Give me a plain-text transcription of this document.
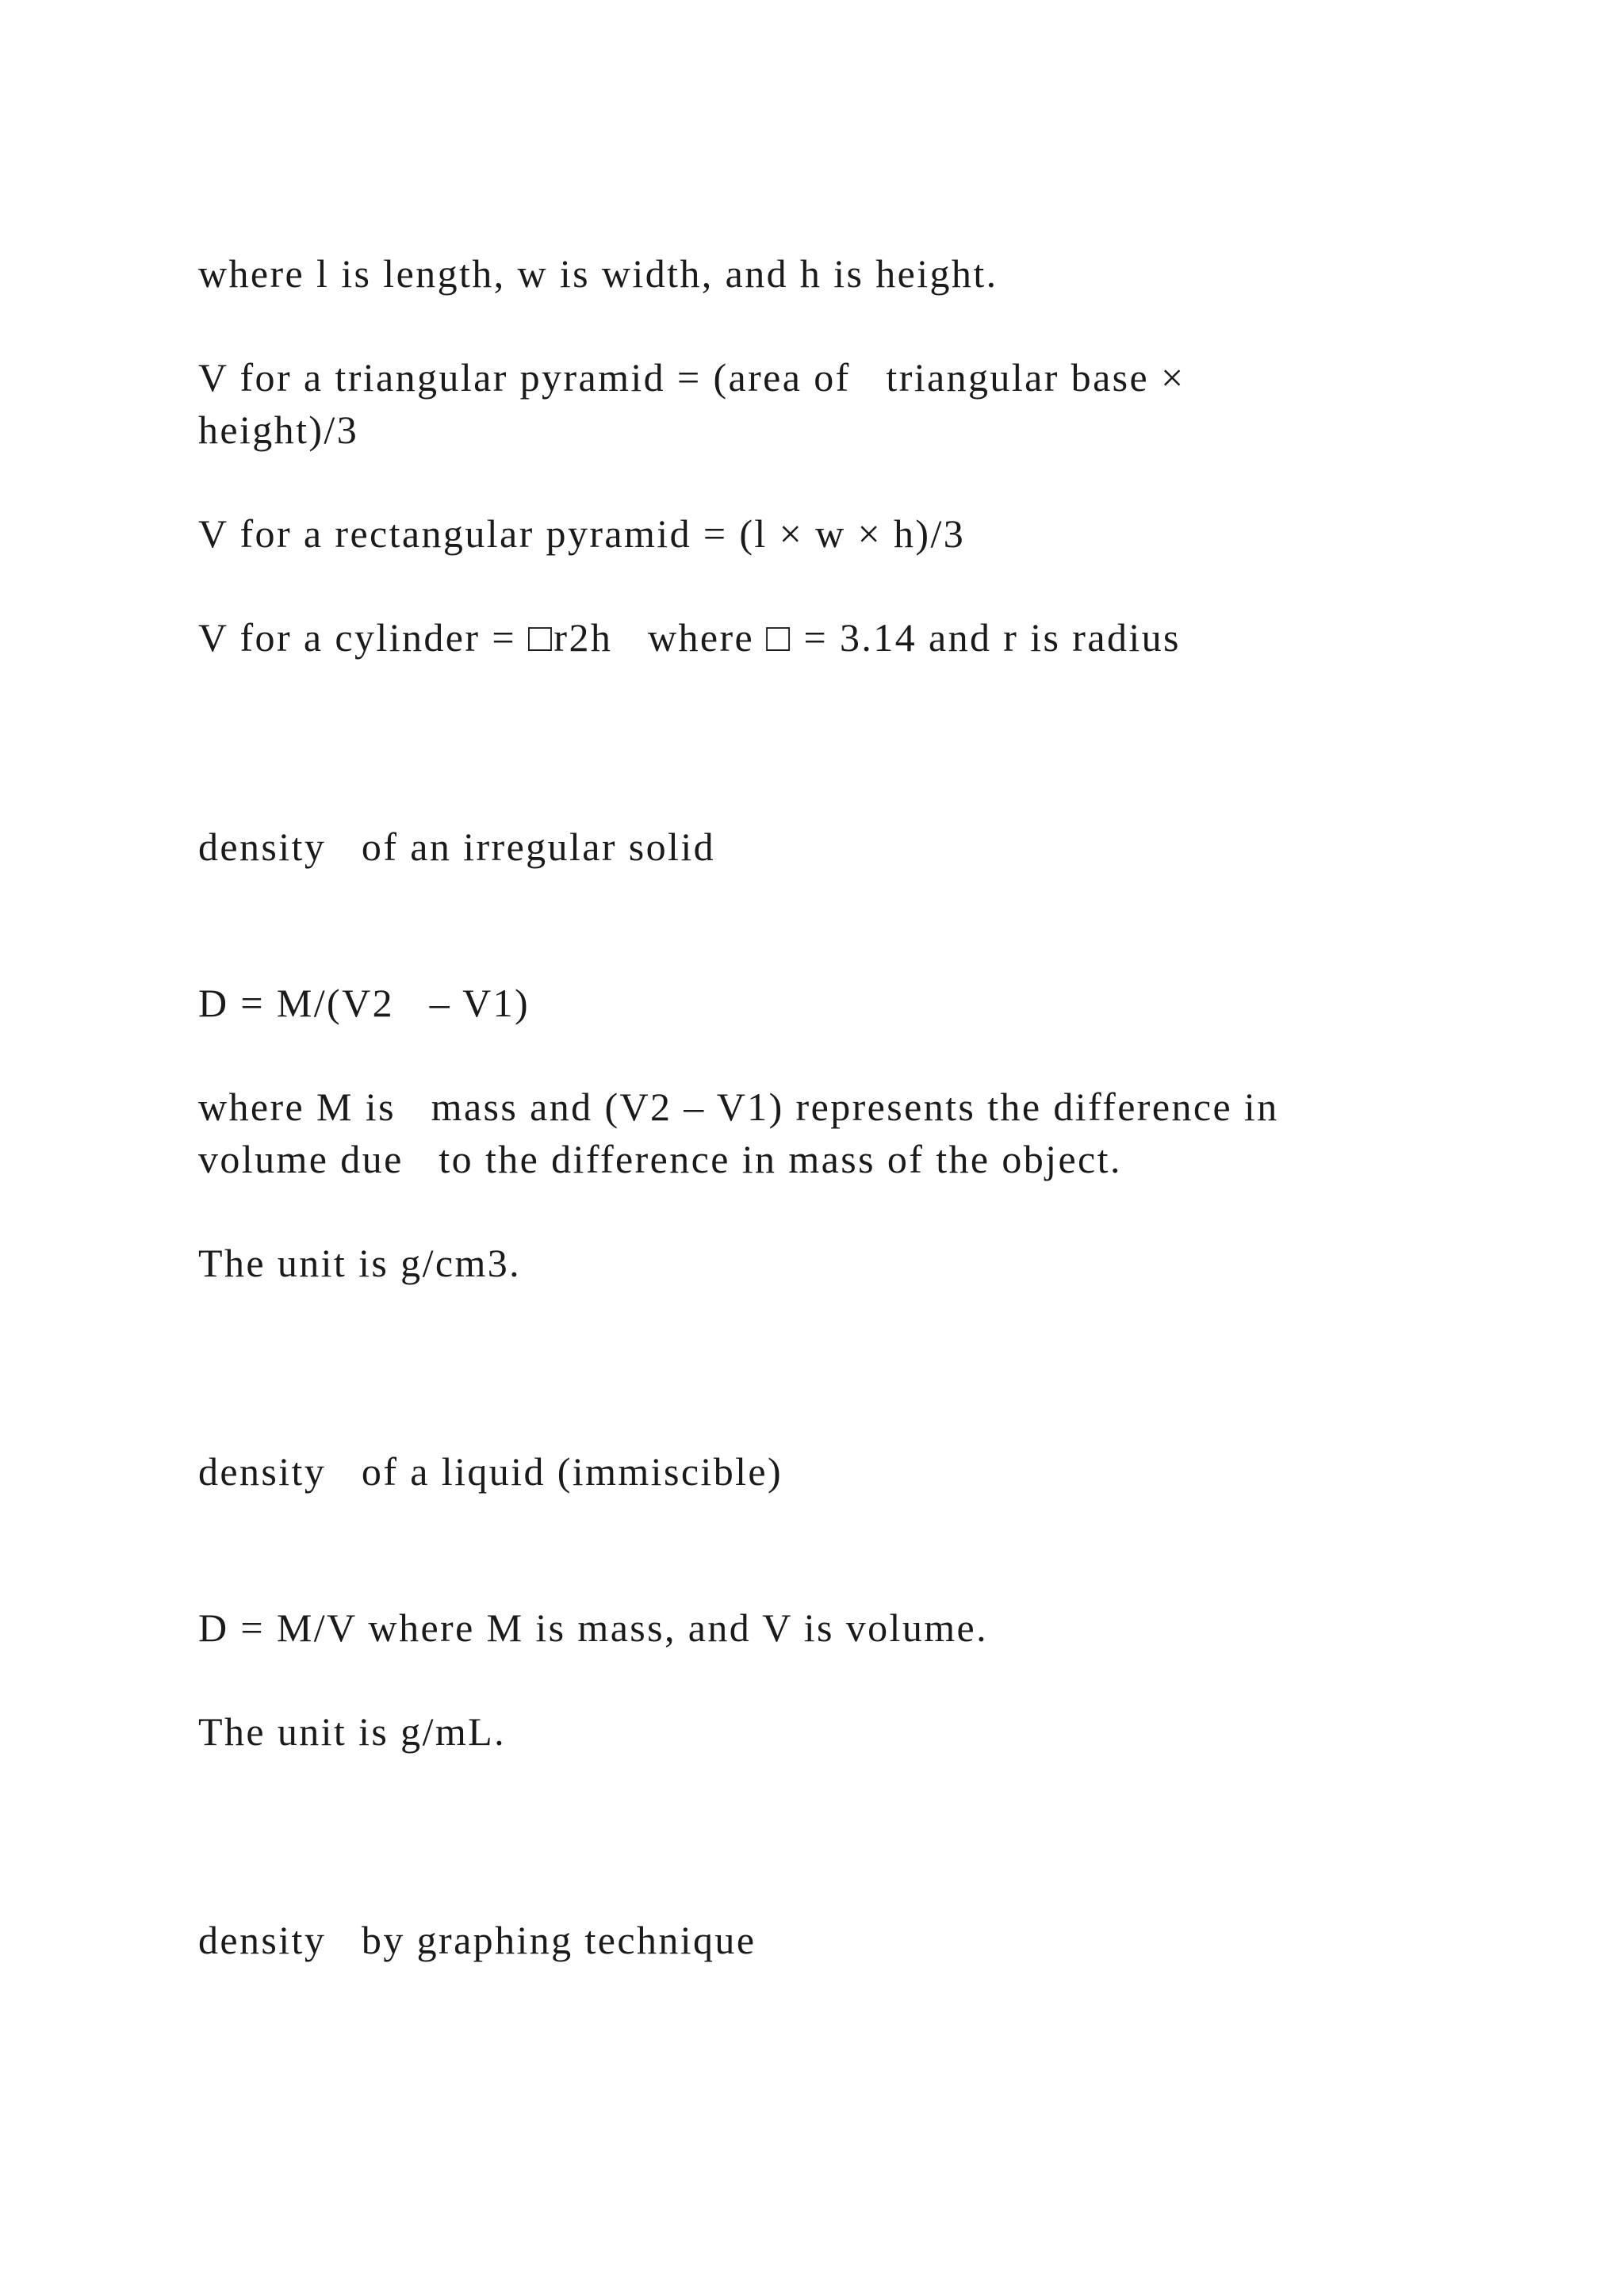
where l is length, w is width, and h is height.

V for a triangular pyramid = (area of   triangular base ×

height)/3

V for a rectangular pyramid = (l × w × h)/3

V for a cylinder = □r2h   where □ = 3.14 and r is radius

density   of an irregular solid

D = M/(V2   – V1)

where M is   mass and (V2 – V1) represents the difference in

volume due   to the difference in mass of the object.

The unit is g/cm3.

density   of a liquid (immiscible)

D = M/V where M is mass, and V is volume.

The unit is g/mL.

density   by graphing technique
